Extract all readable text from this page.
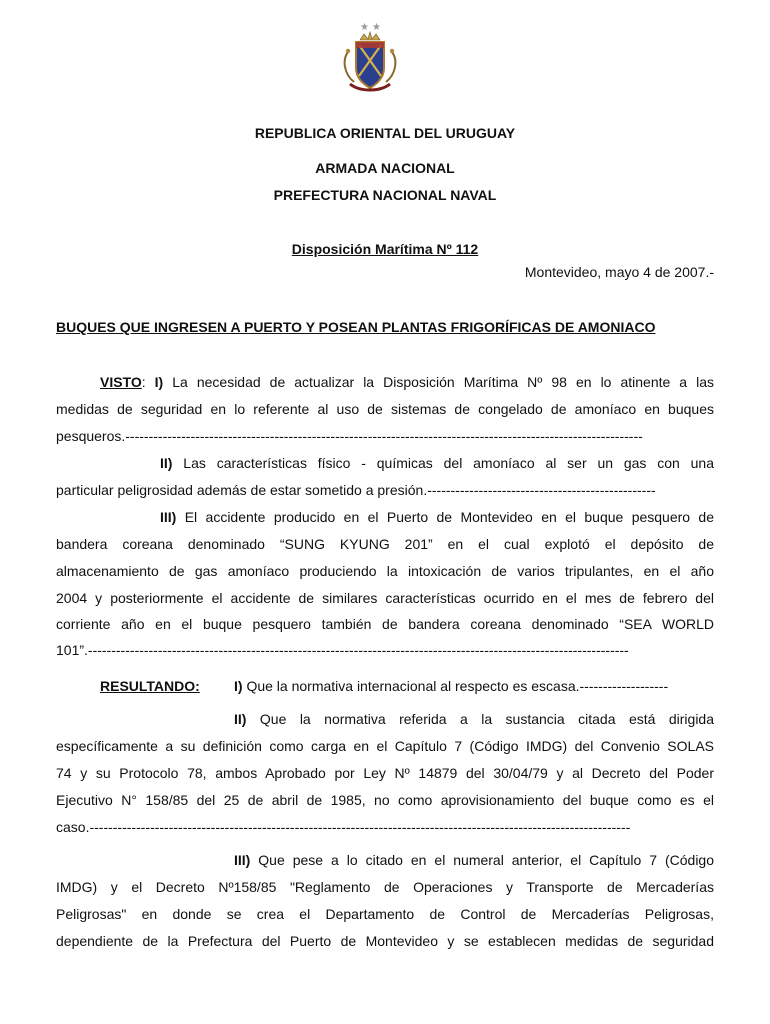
★ ★
REPUBLICA ORIENTAL DEL URUGUAY
ARMADA NACIONAL
PREFECTURA NACIONAL NAVAL
Disposición Marítima Nº 112
Montevideo, mayo 4 de 2007.-
BUQUES QUE INGRESEN A PUERTO Y POSEAN PLANTAS FRIGORÍFICAS DE AMONIACO
VISTO: I) La necesidad de actualizar la Disposición Marítima Nº 98 en lo atinente a las
medidas de seguridad en lo referente al uso de sistemas de congelado de amoníaco en buques
pesqueros.---------------------------------------------------------------------------------------------------------------
II) Las características físico - químicas del amoníaco al ser un gas con una
particular peligrosidad además de estar sometido a presión.-------------------------------------------------
III) El accidente producido en el Puerto de Montevideo en el buque pesquero de
bandera coreana denominado “SUNG KYUNG 201” en el cual explotó el depósito de
almacenamiento de gas amoníaco produciendo la intoxicación de varios tripulantes, en el año
2004 y posteriormente el accidente de similares características ocurrido en el mes de febrero del
corriente año en el buque pesquero también de bandera coreana denominado “SEA WORLD
101”.--------------------------------------------------------------------------------------------------------------------
RESULTANDO: I) Que la normativa internacional al respecto es escasa.-------------------
II) Que la normativa referida a la sustancia citada está dirigida
específicamente a su definición como carga en el Capítulo 7 (Código IMDG) del Convenio SOLAS
74 y su Protocolo 78, ambos Aprobado por Ley Nº 14879 del 30/04/79 y al Decreto del Poder
Ejecutivo N° 158/85 del 25 de abril de 1985, no como aprovisionamiento del buque como es el
caso.--------------------------------------------------------------------------------------------------------------------
III) Que pese a lo citado en el numeral anterior, el Capítulo 7 (Código
IMDG) y el Decreto Nº158/85 "Reglamento de Operaciones y Transporte de Mercaderías
Peligrosas" en donde se crea el Departamento de Control de Mercaderías Peligrosas,
dependiente de la Prefectura del Puerto de Montevideo y se establecen medidas de seguridad
